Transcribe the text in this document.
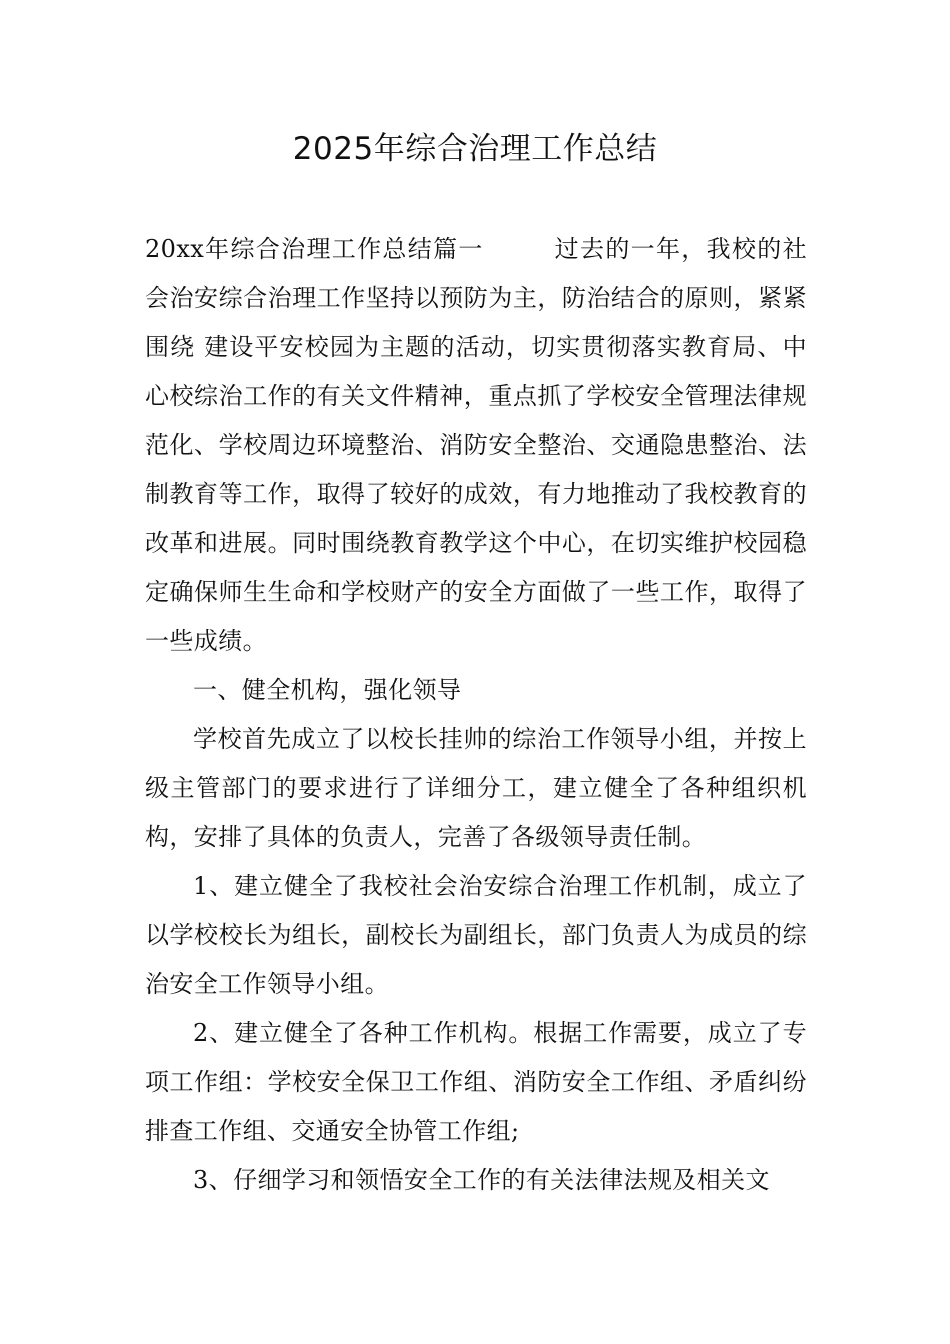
2025年综合治理工作总结

20xx年综合治理工作总结篇一	过去的一年，我校的社会治安综合治理工作坚持以预防为主，防治结合的原则，紧紧围绕 建设平安校园为主题的活动，切实贯彻落实教育局、中心校综治工作的有关文件精神，重点抓了学校安全管理法律规范化、学校周边环境整治、消防安全整治、交通隐患整治、法制教育等工作，取得了较好的成效，有力地推动了我校教育的改革和进展。同时围绕教育教学这个中心，在切实维护校园稳定确保师生生命和学校财产的安全方面做了一些工作，取得了一些成绩。

一、健全机构，强化领导

学校首先成立了以校长挂帅的综治工作领导小组，并按上级主管部门的要求进行了详细分工，建立健全了各种组织机构，安排了具体的负责人，完善了各级领导责任制。

1、建立健全了我校社会治安综合治理工作机制，成立了以学校校长为组长，副校长为副组长，部门负责人为成员的综治安全工作领导小组。

2、建立健全了各种工作机构。根据工作需要，成立了专项工作组：学校安全保卫工作组、消防安全工作组、矛盾纠纷排查工作组、交通安全协管工作组;

3、仔细学习和领悟安全工作的有关法律法规及相关文
